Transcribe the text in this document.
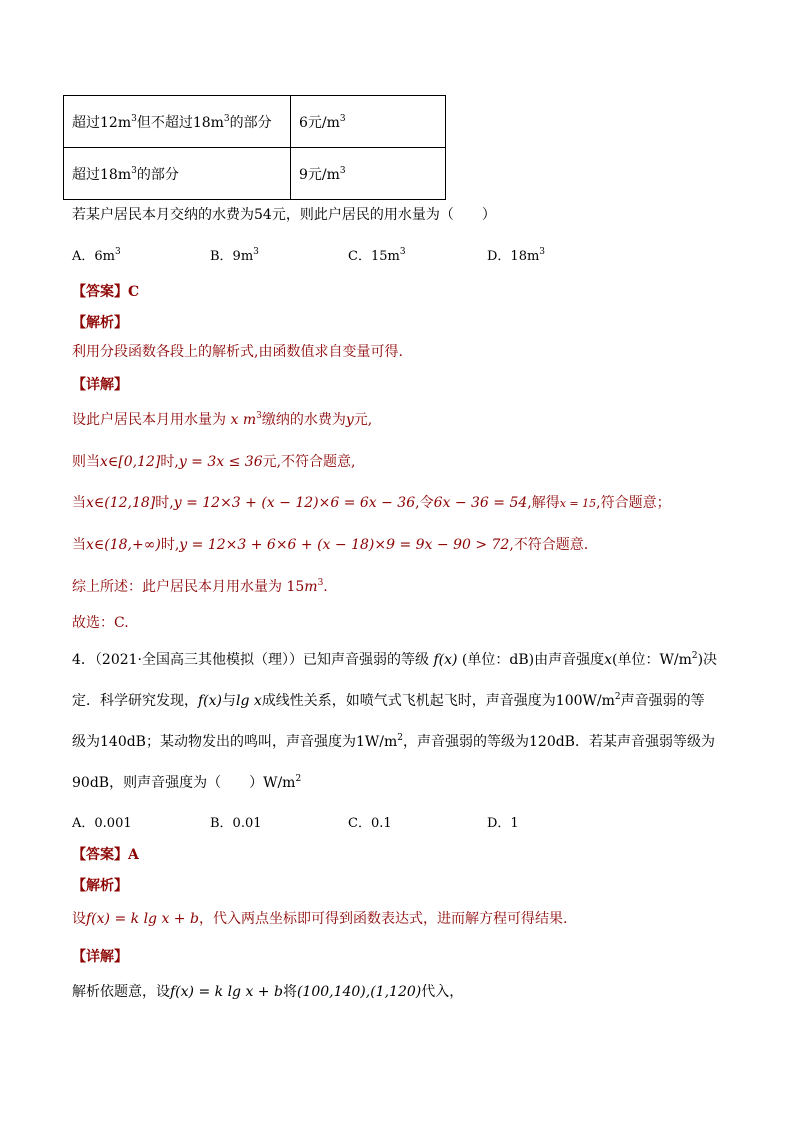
超过$12m^3$但不超过$18m^3$的部分	6元$/m^3$
超过$18m^3$的部分	9元$/m^3$
若某户居民本月交纳的水费为54元，则此户居民的用水量为（　　）
A．$6m^3$	B．$9m^3$	C．$15m^3$	D．$18m^3$
【答案】C
【解析】
利用分段函数各段上的解析式,由函数值求自变量可得.
【详解】
设此户居民本月用水量为 x $m^3$缴纳的水费为y元,
则当x∈[0,12]时,y = 3x ≤ 36元,不符合题意,
当x∈(12,18]时,y = 12×3 + (x − 12)×6 = 6x − 36,令6x − 36 = 54,解得x = 15,符合题意；
当x∈(18,+∞)时,y = 12×3 + 6×6 + (x − 18)×9 = 9x − 90 > 72,不符合题意.
综上所述：此户居民本月用水量为 $15m^3$.
故选：C.
4．（2021·全国高三其他模拟（理））已知声音强弱的等级 f(x) (单位：dB)由声音强度x(单位：$W/m^2$)决
定．科学研究发现，f(x)与lg x成线性关系，如喷气式飞机起飞时，声音强度为$100W/m^2$声音强弱的等
级为140dB；某动物发出的鸣叫，声音强度为$1W/m^2$，声音强弱的等级为120dB．若某声音强弱等级为
90dB，则声音强度为（　　）$W/m^2$
A．0.001	B．0.01	C．0.1	D．1
【答案】A
【解析】
设f(x) = k lg x + b，代入两点坐标即可得到函数表达式，进而解方程可得结果.
【详解】
解析依题意，设f(x) = k lg x + b将(100,140),(1,120)代入，
